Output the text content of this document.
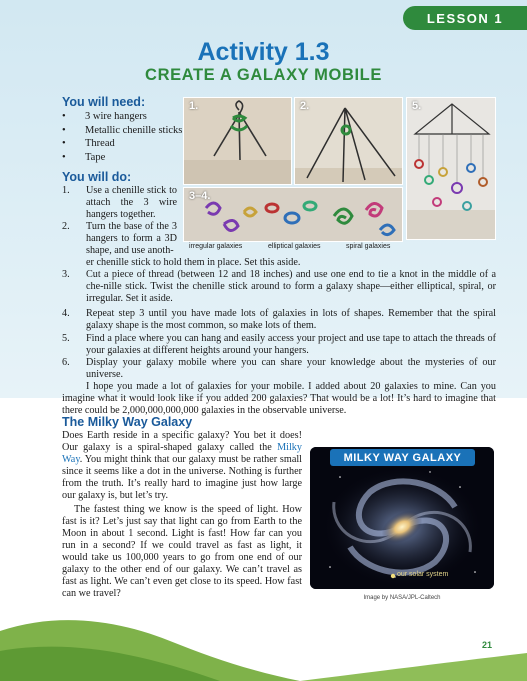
LESSON 1
Activity 1.3
CREATE A GALAXY MOBILE
You will need:
• 3 wire hangers
• Metallic chenille sticks
• Thread
• Tape
You will do:
1. Use a chenille stick to attach the 3 wire hangers together.
2. Turn the base of the 3 hangers to form a 3D shape, and use anoth-
er chenille stick to hold them in place. Set this aside.
3. Cut a piece of thread (between 12 and 18 inches) and use one end to tie a knot in the middle of a che-nille stick. Twist the chenille stick around to form a galaxy shape—either elliptical, spiral, or irregular. Set it aside.
4. Repeat step 3 until you have made lots of galaxies in lots of shapes. Remember that the spiral galaxy shape is the most common, so make lots of them.
5. Find a place where you can hang and easily access your project and use tape to attach the threads of your galaxies at different heights around your hangers.
6. Display your galaxy mobile where you can share your knowledge about the mysteries of our universe.
1.	2.	5.
3–4.
irregular galaxies	elliptical galaxies	spiral galaxies

I hope you made a lot of galaxies for your mobile. I added about 20 galaxies to mine. Can you imagine what it would look like if you added 200 galaxies? That would be a lot! It’s hard to imagine that there could be 2,000,000,000,000 galaxies in the observable universe.

The Milky Way Galaxy

Does Earth reside in a specific galaxy? You bet it does! Our galaxy is a spiral-shaped galaxy called the Milky Way. You might think that our galaxy must be rather small since it seems like a dot in the universe. Nothing is further from the truth. It’s really hard to imagine just how large our galaxy is, but let’s try.

The fastest thing we know is the speed of light. How fast is it? Let’s just say that light can go from Earth to the Moon in about 1 second. Light is fast! How far can you run in a second? If we could travel as fast as light, it would take us 100,000 years to go from one end of our galaxy to the other end of our galaxy. We can’t travel as fast as light. We can’t even get close to its speed. How fast can we travel?

MILKY WAY GALAXY
our solar system
Image by NASA/JPL-Caltech
21
